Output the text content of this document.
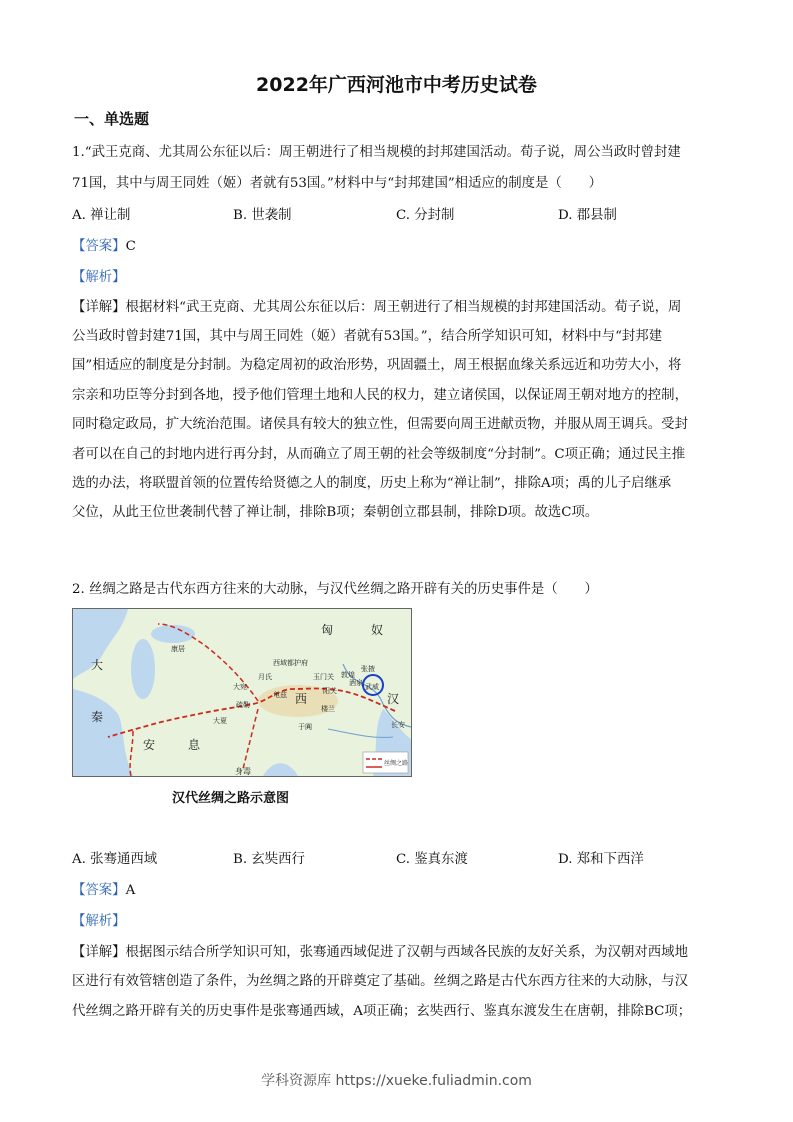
2022年广西河池市中考历史试卷
一、单选题
1.“武王克商、尤其周公东征以后：周王朝进行了相当规模的封邦建国活动。荀子说，周公当政时曾封建
71国，其中与周王同姓（姬）者就有53国。”材料中与“封邦建国”相适应的制度是（　　）
A. 禅让制	B. 世袭制	C. 分封制	D. 郡县制
【答案】C
【解析】
【详解】根据材料“武王克商、尤其周公东征以后：周王朝进行了相当规模的封邦建国活动。荀子说，周
公当政时曾封建71国，其中与周王同姓（姬）者就有53国。”，结合所学知识可知，材料中与“封邦建
国”相适应的制度是分封制。为稳定周初的政治形势，巩固疆土，周王根据血缘关系远近和功劳大小，将
宗亲和功臣等分封到各地，授予他们管理土地和人民的权力，建立诸侯国，以保证周王朝对地方的控制，
同时稳定政局，扩大统治范围。诸侯具有较大的独立性，但需要向周王进献贡物，并服从周王调兵。受封
者可以在自己的封地内进行再分封，从而确立了周王朝的社会等级制度“分封制”。C项正确；通过民主推
选的办法，将联盟首领的位置传给贤德之人的制度，历史上称为“禅让制”，排除A项；禹的儿子启继承
父位，从此王位世袭制代替了禅让制，排除B项；秦朝创立郡县制，排除D项。故选C项。
2. 丝绸之路是古代东西方往来的大动脉，与汉代丝绸之路开辟有关的历史事件是（　　）
匈	奴
西	汉
安	息
大
秦
长安
身毒
康居
大宛
大夏
月氏	敦煌
玉门关
阳关
楼兰
于阗
疏勒
龟兹
武威
张掖
酒泉
西域都护府
丝绸之路
汉代丝绸之路示意图
A. 张骞通西域	B. 玄奘西行	C. 鉴真东渡	D. 郑和下西洋
【答案】A
【解析】
【详解】根据图示结合所学知识可知，张骞通西域促进了汉朝与西域各民族的友好关系，为汉朝对西域地
区进行有效管辖创造了条件，为丝绸之路的开辟奠定了基础。丝绸之路是古代东西方往来的大动脉，与汉
代丝绸之路开辟有关的历史事件是张骞通西域，A项正确；玄奘西行、鉴真东渡发生在唐朝，排除BC项；
学科资源库 https://xueke.fuliadmin.com
